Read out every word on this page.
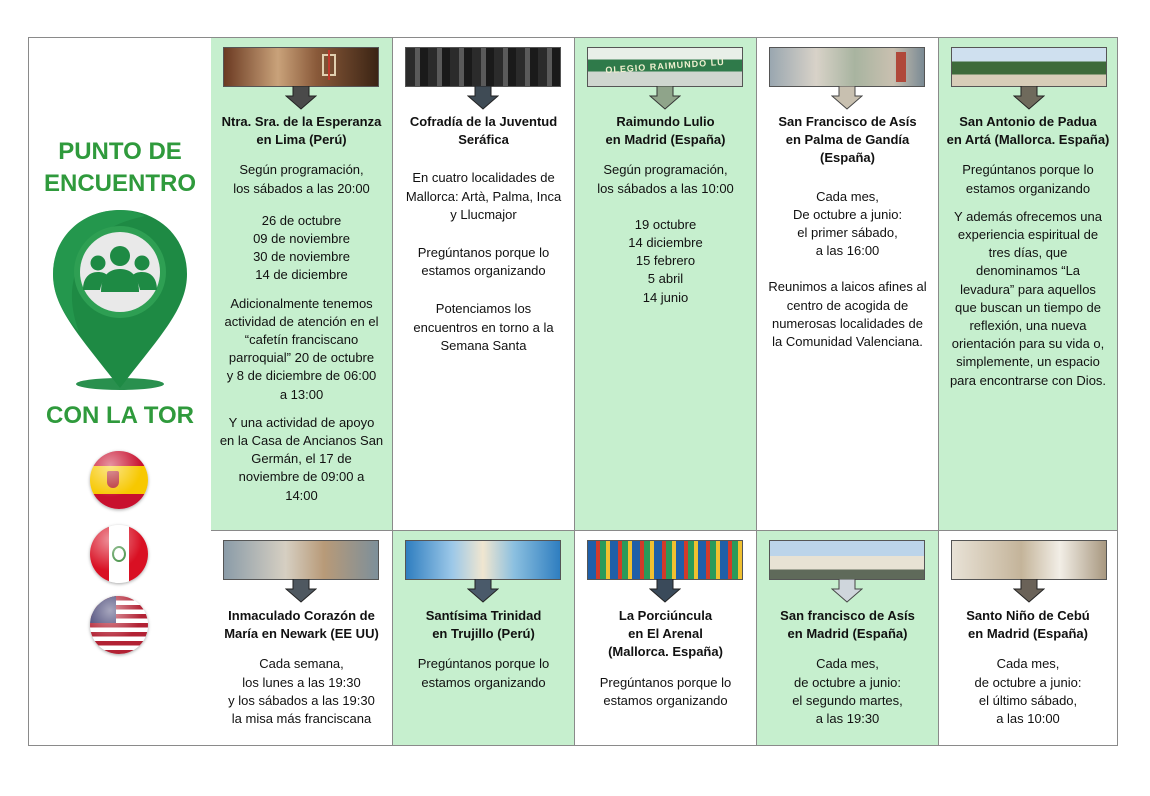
PUNTO DE
ENCUENTRO
CON LA TOR
Ntra. Sra. de la Esperanza
en Lima (Perú)
Según programación,
los sábados a las 20:00
26 de octubre
09 de noviembre
30 de noviembre
14 de diciembre
Adicionalmente tenemos
actividad de atención en el
“cafetín franciscano
parroquial” 20 de octubre
y 8 de diciembre de 06:00
a 13:00
Y una actividad de apoyo
en la Casa de Ancianos San
Germán, el 17 de
noviembre de 09:00 a
14:00
Cofradía de la Juventud
Seráfica
En cuatro localidades de
Mallorca: Artà, Palma, Inca
y Llucmajor
Pregúntanos porque lo
estamos organizando
Potenciamos los
encuentros en torno a la
Semana Santa
OLEGIO RAIMUNDO LU
Raimundo Lulio
en Madrid (España)
Según programación,
los sábados a las 10:00
19 octubre
14 diciembre
15 febrero
5 abril
14 junio
San Francisco de Asís
en Palma de Gandía
(España)
Cada mes,
De octubre a junio:
el primer sábado,
a las 16:00
Reunimos a laicos afines al
centro de acogida de
numerosas localidades de
la Comunidad Valenciana.
San Antonio de Padua
en Artá (Mallorca. España)
Pregúntanos porque lo
estamos organizando
Y además ofrecemos una
experiencia espiritual de
tres días, que
denominamos “La
levadura” para aquellos
que buscan un tiempo de
reflexión, una nueva
orientación para su vida o,
simplemente, un espacio
para encontrarse con Dios.
Inmaculado Corazón de
María en Newark (EE UU)
Cada semana,
los lunes a las 19:30
y los sábados a las 19:30
la misa más franciscana
Santísima Trinidad
en Trujillo (Perú)
Pregúntanos porque lo
estamos organizando
La Porciúncula
en El Arenal
(Mallorca. España)
Pregúntanos porque lo
estamos organizando
San francisco de Asís
en Madrid (España)
Cada mes,
de octubre a junio:
el segundo martes,
a las 19:30
Santo Niño de Cebú
en Madrid (España)
Cada mes,
de octubre a junio:
el último sábado,
a las 10:00
